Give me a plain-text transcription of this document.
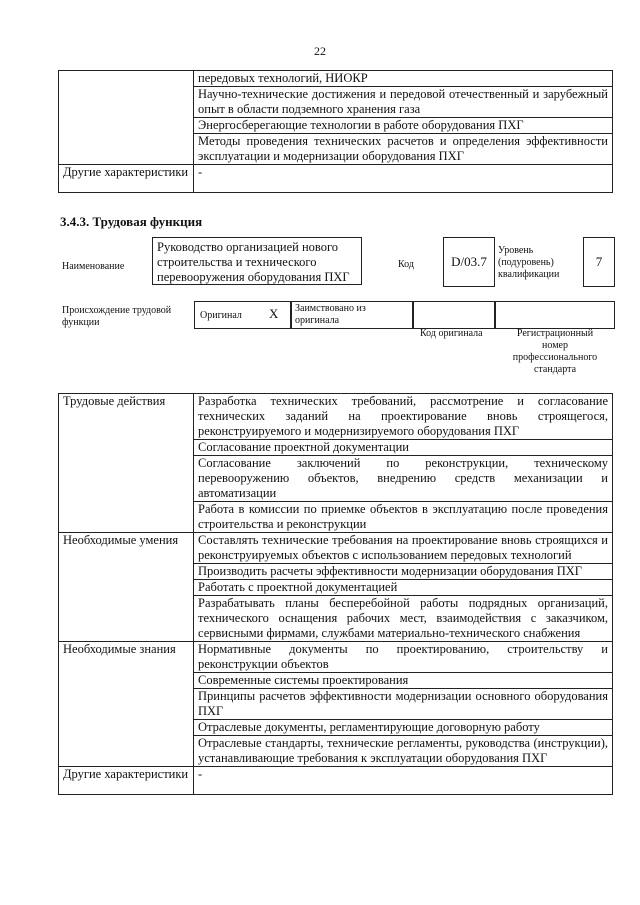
22
	передовых технологий, НИОКР
	Научно-технические достижения и передовой отечественный и зарубежный опыт в области подземного хранения газа
	Энергосберегающие технологии в работе оборудования ПХГ
	Методы проведения технических расчетов и определения эффективности эксплуатации и модернизации оборудования ПХГ
Другие характеристики	-
3.4.3. Трудовая функция
Наименование
Руководство организацией нового строительства и технического перевооружения оборудования ПХГ
Код	D/03.7
Уровень (подуровень) квалификации
7
Происхождение трудовой функции
Оригинал X Заимствовано из оригинала
Код оригинала	Регистрационный номер профессионального стандарта
Трудовые действия	Разработка технических требований, рассмотрение и согласование технических заданий на проектирование вновь строящегося, реконструируемого и модернизируемого оборудования ПХГ
	Согласование проектной документации
	Согласование заключений по реконструкции, техническому перевооружению объектов, внедрению средств механизации и автоматизации
	Работа в комиссии по приемке объектов в эксплуатацию после проведения строительства и реконструкции
Необходимые умения	Составлять технические требования на проектирование вновь строящихся и реконструируемых объектов с использованием передовых технологий
	Производить расчеты эффективности модернизации оборудования ПХГ
	Работать с проектной документацией
	Разрабатывать планы бесперебойной работы подрядных организаций, технического оснащения рабочих мест, взаимодействия с заказчиком, сервисными фирмами, службами материально-технического снабжения
Необходимые знания	Нормативные документы по проектированию, строительству и реконструкции объектов
	Современные системы проектирования
	Принципы расчетов эффективности модернизации основного оборудования ПХГ
	Отраслевые документы, регламентирующие договорную работу
	Отраслевые стандарты, технические регламенты, руководства (инструкции), устанавливающие требования к эксплуатации оборудования ПХГ
Другие характеристики	-
